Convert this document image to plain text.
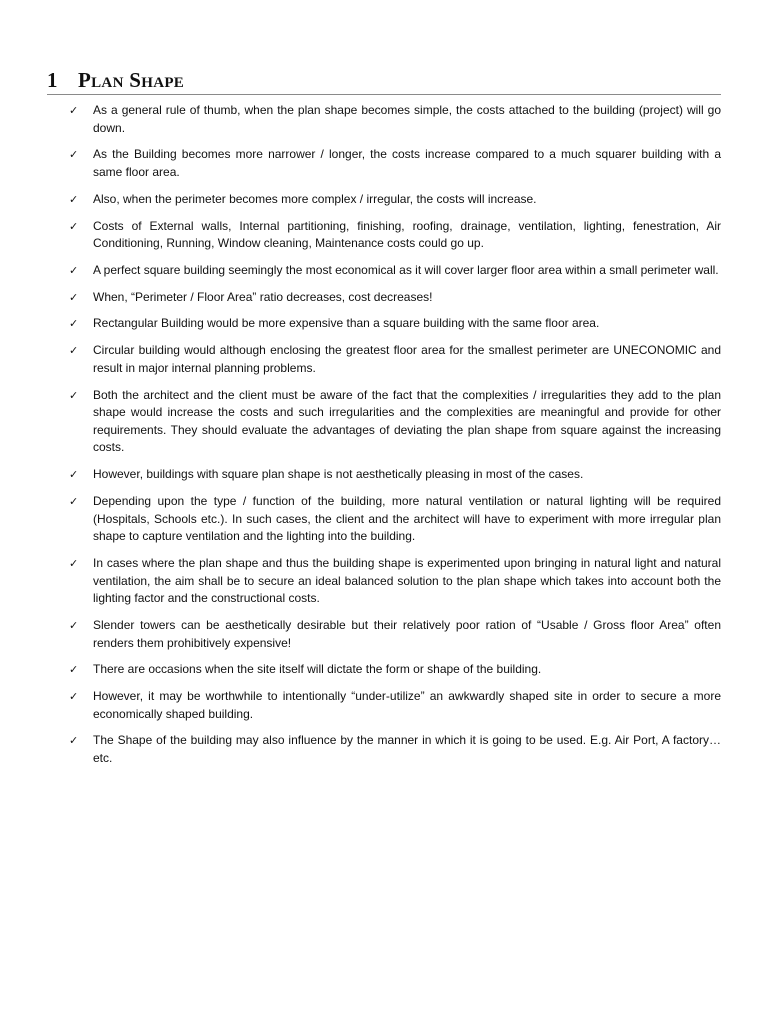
1 Plan Shape
✓ As a general rule of thumb, when the plan shape becomes simple, the costs attached to the building (project) will go down.
✓ As the Building becomes more narrower / longer, the costs increase compared to a much squarer building with a same floor area.
✓ Also, when the perimeter becomes more complex / irregular, the costs will increase.
✓ Costs of External walls, Internal partitioning, finishing, roofing, drainage, ventilation, lighting, fenestration, Air Conditioning, Running, Window cleaning, Maintenance costs could go up.
✓ A perfect square building seemingly the most economical as it will cover larger floor area within a small perimeter wall.
✓ When, “Perimeter / Floor Area” ratio decreases, cost decreases!
✓ Rectangular Building would be more expensive than a square building with the same floor area.
✓ Circular building would although enclosing the greatest floor area for the smallest perimeter are UNECONOMIC and result in major internal planning problems.
✓ Both the architect and the client must be aware of the fact that the complexities / irregularities they add to the plan shape would increase the costs and such irregularities and the complexities are meaningful and provide for other requirements. They should evaluate the advantages of deviating the plan shape from square against the increasing costs.
✓ However, buildings with square plan shape is not aesthetically pleasing in most of the cases.
✓ Depending upon the type / function of the building, more natural ventilation or natural lighting will be required (Hospitals, Schools etc.). In such cases, the client and the architect will have to experiment with more irregular plan shape to capture ventilation and the lighting into the building.
✓ In cases where the plan shape and thus the building shape is experimented upon bringing in natural light and natural ventilation, the aim shall be to secure an ideal balanced solution to the plan shape which takes into account both the lighting factor and the constructional costs.
✓ Slender towers can be aesthetically desirable but their relatively poor ration of “Usable / Gross floor Area” often renders them prohibitively expensive!
✓ There are occasions when the site itself will dictate the form or shape of the building.
✓ However, it may be worthwhile to intentionally “under-utilize” an awkwardly shaped site in order to secure a more economically shaped building.
✓ The Shape of the building may also influence by the manner in which it is going to be used. E.g. Air Port, A factory…etc.
